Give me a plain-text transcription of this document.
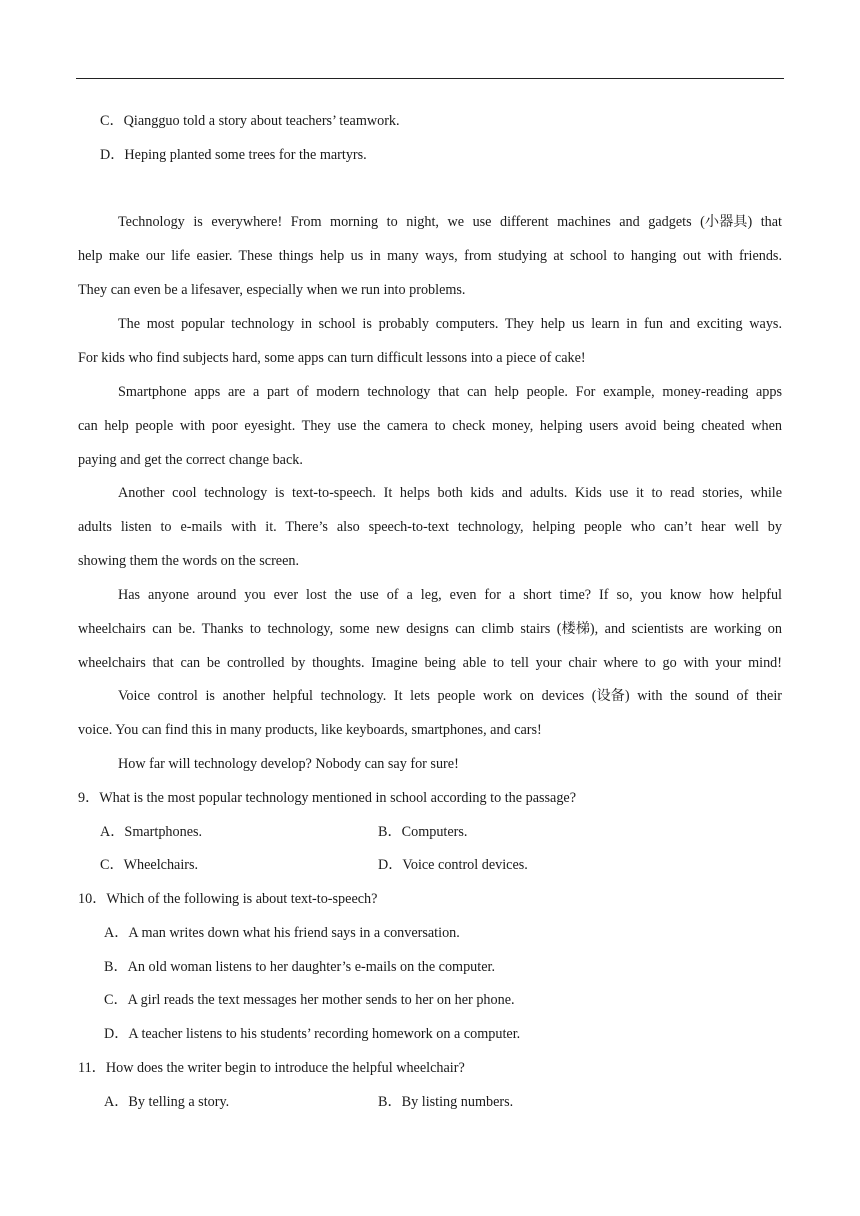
C．Qiangguo told a story about teachers’ teamwork.
D．Heping planted some trees for the martyrs.
Technology is everywhere! From morning to night, we use different machines and gadgets (小器具) that
help make our life easier. These things help us in many ways, from studying at school to hanging out with friends.
They can even be a lifesaver, especially when we run into problems.
The most popular technology in school is probably computers. They help us learn in fun and exciting ways.
For kids who find subjects hard, some apps can turn difficult lessons into a piece of cake!
Smartphone apps are a part of modern technology that can help people. For example, money-reading apps
can help people with poor eyesight. They use the camera to check money, helping users avoid being cheated when
paying and get the correct change back.
Another cool technology is text-to-speech. It helps both kids and adults. Kids use it to read stories, while
adults listen to e-mails with it. There’s also speech-to-text technology, helping people who can’t hear well by
showing them the words on the screen.
Has anyone around you ever lost the use of a leg, even for a short time? If so, you know how helpful
wheelchairs can be. Thanks to technology, some new designs can climb stairs (楼梯), and scientists are working on
wheelchairs that can be controlled by thoughts. Imagine being able to tell your chair where to go with your mind!
Voice control is another helpful technology. It lets people work on devices (设备) with the sound of their
voice. You can find this in many products, like keyboards, smartphones, and cars!
How far will technology develop? Nobody can say for sure!
9．What is the most popular technology mentioned in school according to the passage?
A．Smartphones.	B．Computers.
C．Wheelchairs.	D．Voice control devices.
10．Which of the following is about text-to-speech?
A．A man writes down what his friend says in a conversation.
B．An old woman listens to her daughter’s e-mails on the computer.
C．A girl reads the text messages her mother sends to her on her phone.
D．A teacher listens to his students’ recording homework on a computer.
11．How does the writer begin to introduce the helpful wheelchair?
A．By telling a story.	B．By listing numbers.
